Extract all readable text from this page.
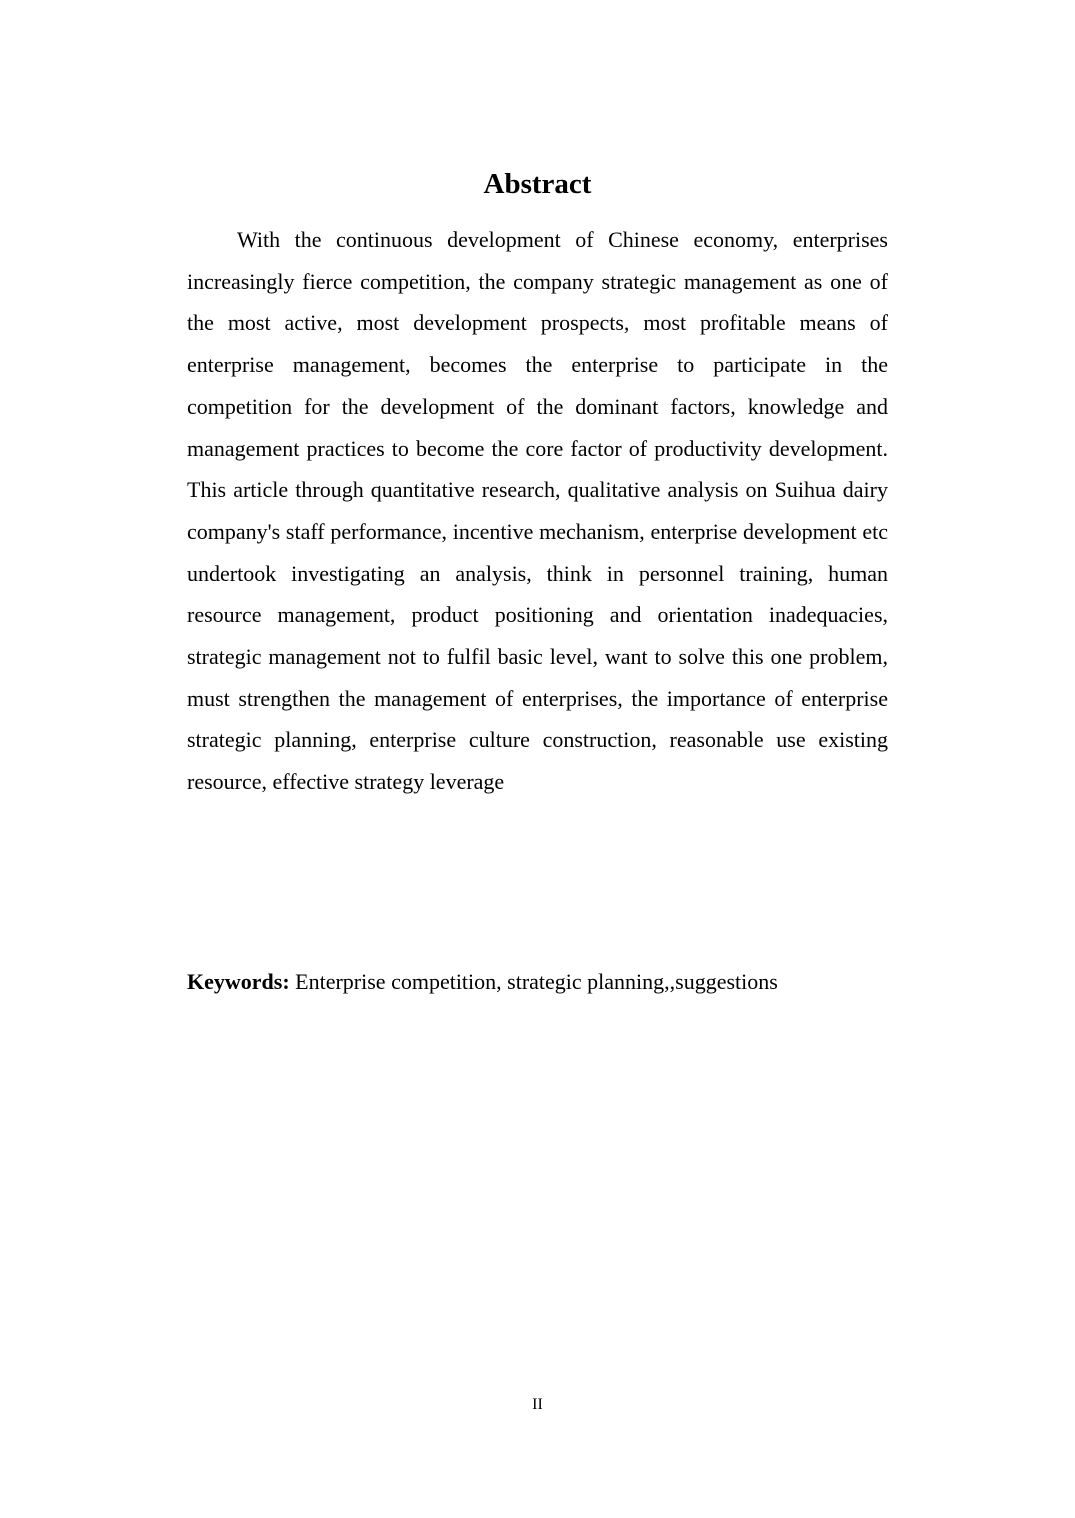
Abstract

With the continuous development of Chinese economy, enterprises increasingly fierce competition, the company strategic management as one of the most active, most development prospects, most profitable means of enterprise management, becomes the enterprise to participate in the competition for the development of the dominant factors, knowledge and management practices to become the core factor of productivity development. This article through quantitative research, qualitative analysis on Suihua dairy company's staff performance, incentive mechanism, enterprise development etc undertook investigating an analysis, think in personnel training, human resource management, product positioning and orientation inadequacies, strategic management not to fulfil basic level, want to solve this one problem, must strengthen the management of enterprises, the importance of enterprise strategic planning, enterprise culture construction, reasonable use existing resource, effective strategy leverage

Keywords: Enterprise competition, strategic planning,,suggestions

II
